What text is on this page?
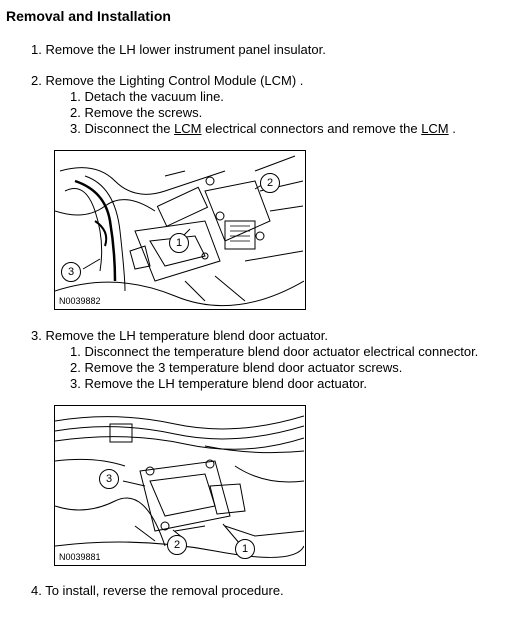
Removal and Installation
1. Remove the LH lower instrument panel insulator.
2. Remove the Lighting Control Module (LCM) .
1. Detach the vacuum line.
2. Remove the screws.
3. Disconnect the LCM electrical connectors and remove the LCM .
1
2
3
N0039882
3. Remove the LH temperature blend door actuator.
1. Disconnect the temperature blend door actuator electrical connector.
2. Remove the 3 temperature blend door actuator screws.
3. Remove the LH temperature blend door actuator.
3
2	1
N0039881
4. To install, reverse the removal procedure.
